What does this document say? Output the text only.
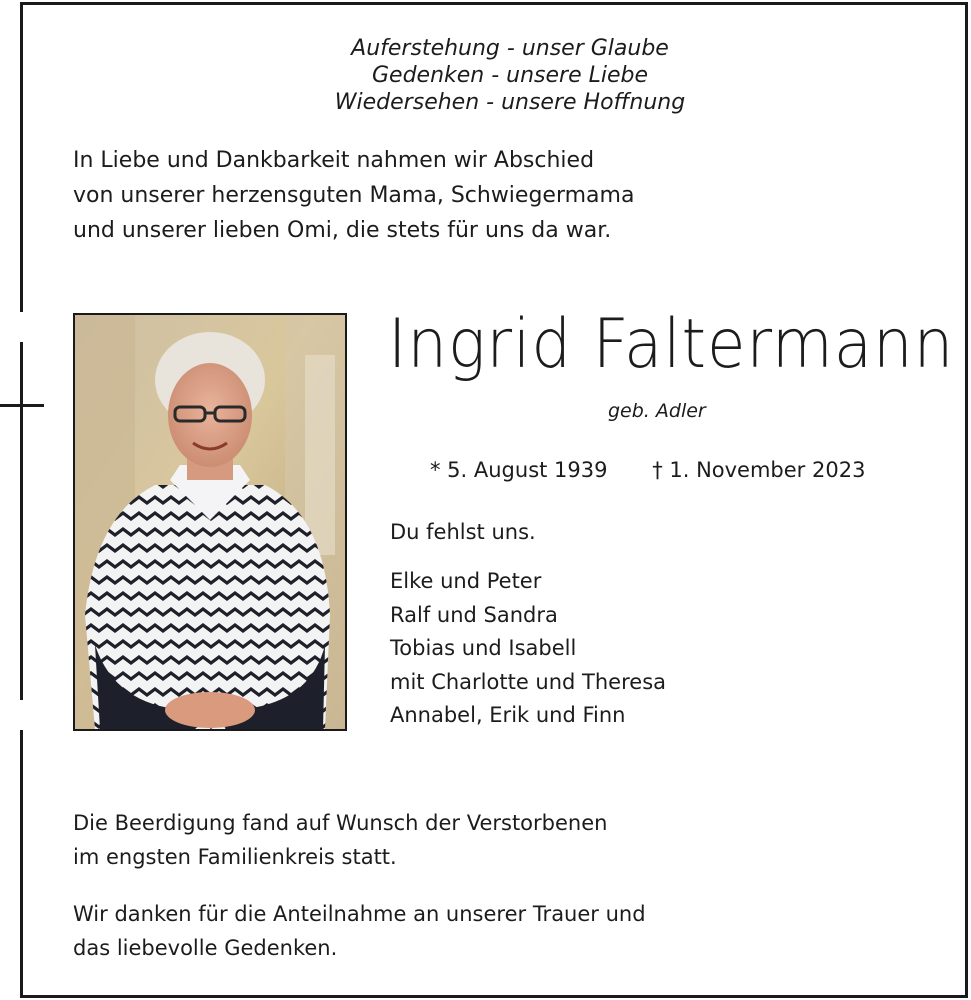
Auferstehung - unser Glaube
Gedenken - unsere Liebe
Wiedersehen - unsere Hoffnung
In Liebe und Dankbarkeit nahmen wir Abschied
von unserer herzensguten Mama, Schwiegermama
und unserer lieben Omi, die stets für uns da war.
Ingrid Faltermann
geb. Adler
* 5. August 1939 † 1. November 2023
Du fehlst uns.
Elke und Peter
Ralf und Sandra
Tobias und Isabell
mit Charlotte und Theresa
Annabel, Erik und Finn
Die Beerdigung fand auf Wunsch der Verstorbenen
im engsten Familienkreis statt.
Wir danken für die Anteilnahme an unserer Trauer und
das liebevolle Gedenken.
